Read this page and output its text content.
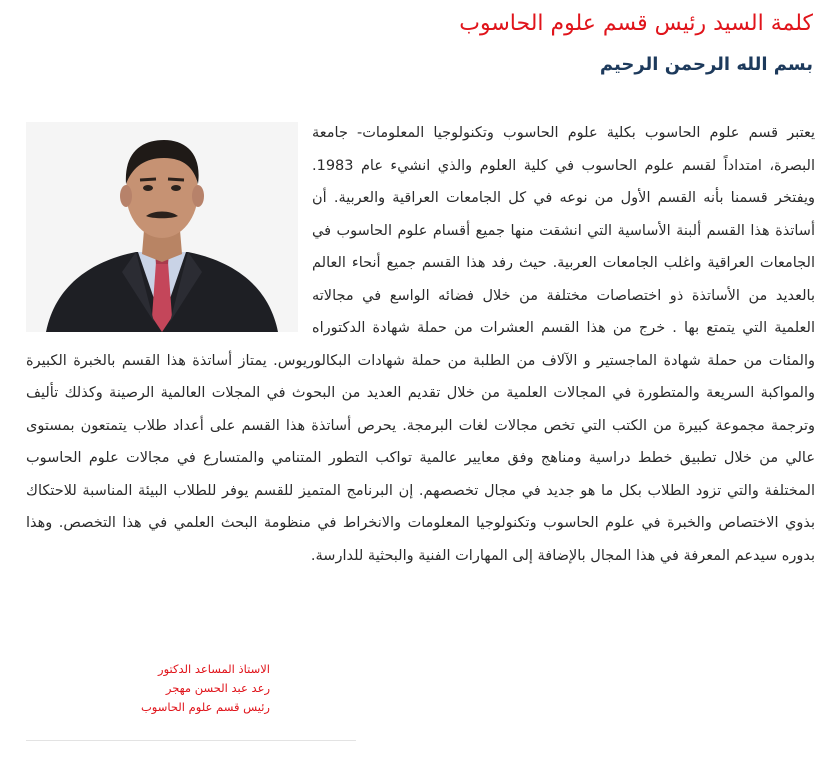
كلمة السيد رئيس قسم علوم الحاسوب
بسم الله الرحمن الرحيم

يعتبر قسم علوم الحاسوب بكلية علوم الحاسوب وتكنولوجيا المعلومات- جامعة البصرة، امتداداً لقسم علوم الحاسوب في كلية العلوم والذي انشيء عام 1983. ويفتخر قسمنا بأنه القسم الأول من نوعه في كل الجامعات العراقية والعربية. أن أساتذة هذا القسم ألبنة الأساسية التي انشقت منها جميع أقسام علوم الحاسوب في الجامعات العراقية واغلب الجامعات العربية. حيث رفد هذا القسم جميع أنحاء العالم بالعديد من الأساتذة ذو اختصاصات مختلفة من خلال فضائه الواسع في مجالاته العلمية التي يتمتع بها . خرج من هذا القسم العشرات من حملة شهادة الدكتوراه والمئات من حملة شهادة الماجستير و الآلاف من الطلبة من حملة شهادات البكالوريوس. يمتاز أساتذة هذا القسم بالخبرة الكبيرة والمواكبة السريعة والمتطورة في المجالات العلمية من خلال تقديم العديد من البحوث في المجلات العالمية الرصينة وكذلك تأليف وترجمة مجموعة كبيرة من الكتب التي تخص مجالات لغات البرمجة. يحرص أساتذة هذا القسم على أعداد طلاب يتمتعون بمستوى عالي من خلال تطبيق خطط دراسية ومناهج وفق معايير عالمية تواكب التطور المتنامي والمتسارع في مجالات علوم الحاسوب المختلفة والتي تزود الطلاب بكل ما هو جديد في مجال تخصصهم. إن البرنامج المتميز للقسم يوفر للطلاب البيئة المناسبة للاحتكاك بذوي الاختصاص والخبرة في علوم الحاسوب وتكنولوجيا المعلومات والانخراط في منظومة البحث العلمي في هذا التخصص. وهذا بدوره سيدعم المعرفة في هذا المجال بالإضافة إلى المهارات الفنية والبحثية للدارسة.

الاستاذ المساعد الدكتور
رعد عبد الحسن مهجر
رئيس قسم علوم الحاسوب
